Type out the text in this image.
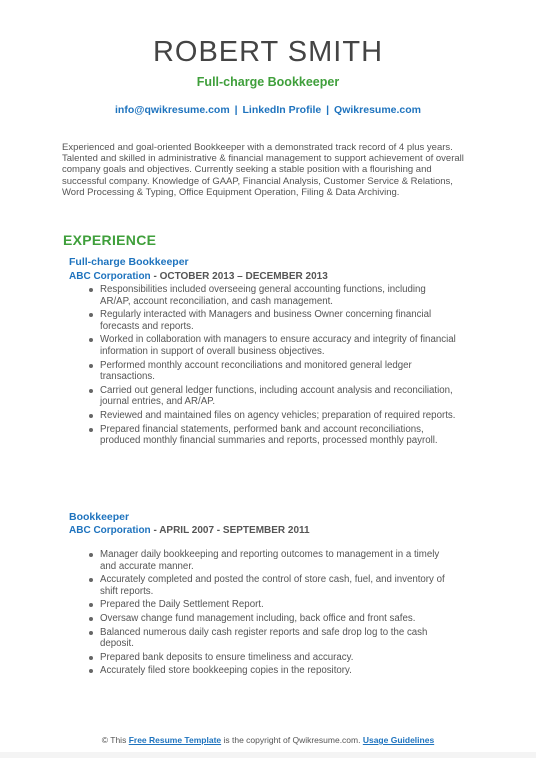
ROBERT SMITH
Full-charge Bookkeeper
info@qwikresume.com | LinkedIn Profile | Qwikresume.com
Experienced and goal-oriented Bookkeeper with a demonstrated track record of 4 plus years. Talented and skilled in administrative & financial management to support achievement of overall company goals and objectives. Currently seeking a stable position with a flourishing and successful company. Knowledge of GAAP, Financial Analysis, Customer Service & Relations, Word Processing & Typing, Office Equipment Operation, Filing & Data Archiving.
EXPERIENCE
Full-charge Bookkeeper
ABC Corporation - OCTOBER 2013 – DECEMBER 2013
Responsibilities included overseeing general accounting functions, including AR/AP, account reconciliation, and cash management.
Regularly interacted with Managers and business Owner concerning financial forecasts and reports.
Worked in collaboration with managers to ensure accuracy and integrity of financial information in support of overall business objectives.
Performed monthly account reconciliations and monitored general ledger transactions.
Carried out general ledger functions, including account analysis and reconciliation, journal entries, and AR/AP.
Reviewed and maintained files on agency vehicles; preparation of required reports.
Prepared financial statements, performed bank and account reconciliations, produced monthly financial summaries and reports, processed monthly payroll.
Bookkeeper
ABC Corporation - APRIL 2007 - SEPTEMBER 2011
Manager daily bookkeeping and reporting outcomes to management in a timely and accurate manner.
Accurately completed and posted the control of store cash, fuel, and inventory of shift reports.
Prepared the Daily Settlement Report.
Oversaw change fund management including, back office and front safes.
Balanced numerous daily cash register reports and safe drop log to the cash deposit.
Prepared bank deposits to ensure timeliness and accuracy.
Accurately filed store bookkeeping copies in the repository.
© This Free Resume Template is the copyright of Qwikresume.com. Usage Guidelines
